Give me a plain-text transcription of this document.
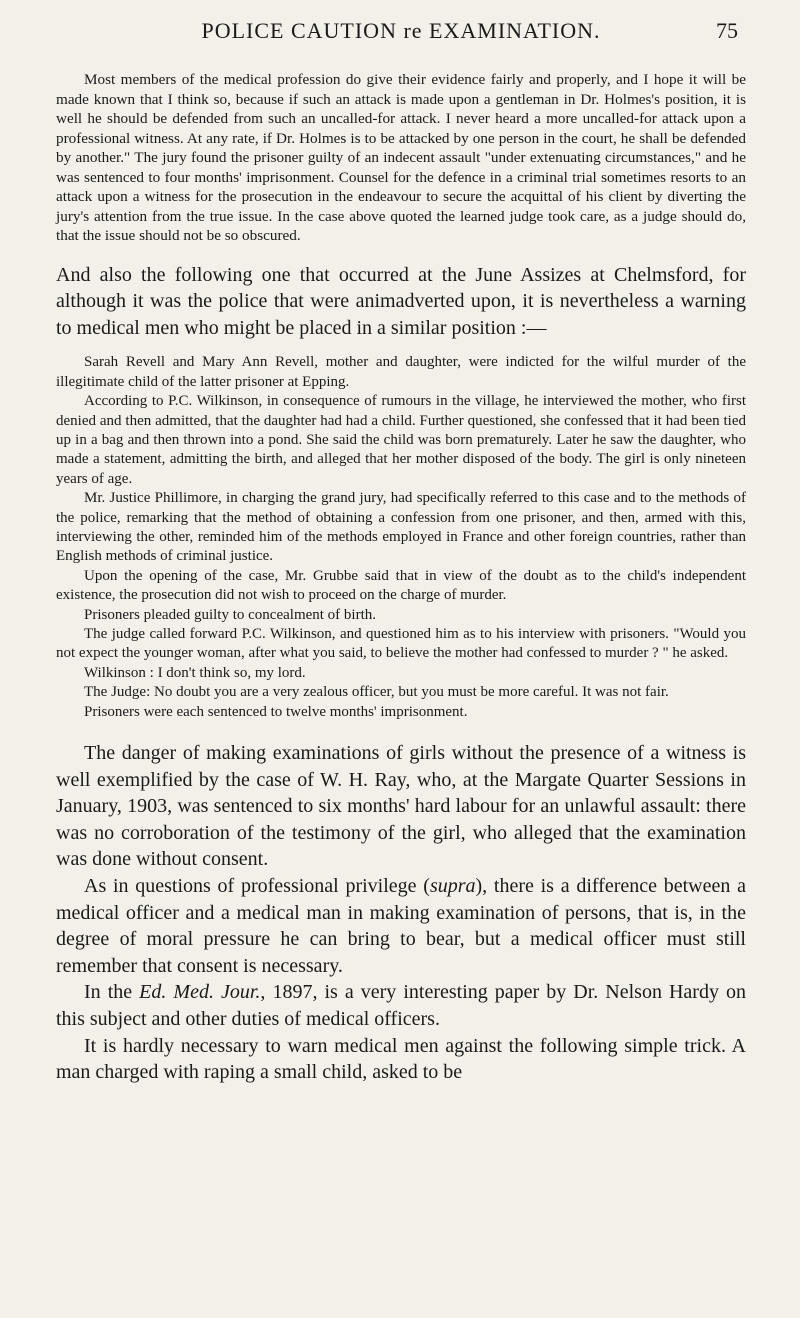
POLICE CAUTION re EXAMINATION.	75

Most members of the medical profession do give their evidence fairly and properly, and I hope it will be made known that I think so, because if such an attack is made upon a gentleman in Dr. Holmes's position, it is well he should be defended from such an uncalled-for attack. I never heard a more uncalled-for attack upon a professional witness. At any rate, if Dr. Holmes is to be attacked by one person in the court, he shall be defended by another." The jury found the prisoner guilty of an indecent assault "under extenuating circumstances," and he was sentenced to four months' imprisonment. Counsel for the defence in a criminal trial sometimes resorts to an attack upon a witness for the prosecution in the endeavour to secure the acquittal of his client by diverting the jury's attention from the true issue. In the case above quoted the learned judge took care, as a judge should do, that the issue should not be so obscured.

And also the following one that occurred at the June Assizes at Chelmsford, for although it was the police that were animadverted upon, it is nevertheless a warning to medical men who might be placed in a similar position :—

Sarah Revell and Mary Ann Revell, mother and daughter, were indicted for the wilful murder of the illegitimate child of the latter prisoner at Epping.

According to P.C. Wilkinson, in consequence of rumours in the village, he interviewed the mother, who first denied and then admitted, that the daughter had had a child. Further questioned, she confessed that it had been tied up in a bag and then thrown into a pond. She said the child was born prematurely. Later he saw the daughter, who made a statement, admitting the birth, and alleged that her mother disposed of the body. The girl is only nineteen years of age.

Mr. Justice Phillimore, in charging the grand jury, had specifically referred to this case and to the methods of the police, remarking that the method of obtaining a confession from one prisoner, and then, armed with this, interviewing the other, reminded him of the methods employed in France and other foreign countries, rather than English methods of criminal justice.

Upon the opening of the case, Mr. Grubbe said that in view of the doubt as to the child's independent existence, the prosecution did not wish to proceed on the charge of murder.

Prisoners pleaded guilty to concealment of birth.

The judge called forward P.C. Wilkinson, and questioned him as to his interview with prisoners. "Would you not expect the younger woman, after what you said, to believe the mother had confessed to murder ? " he asked.

Wilkinson : I don't think so, my lord.

The Judge: No doubt you are a very zealous officer, but you must be more careful. It was not fair.

Prisoners were each sentenced to twelve months' imprisonment.

The danger of making examinations of girls without the presence of a witness is well exemplified by the case of W. H. Ray, who, at the Margate Quarter Sessions in January, 1903, was sentenced to six months' hard labour for an unlawful assault: there was no corroboration of the testimony of the girl, who alleged that the examination was done without consent.

As in questions of professional privilege (supra), there is a difference between a medical officer and a medical man in making examination of persons, that is, in the degree of moral pressure he can bring to bear, but a medical officer must still remember that consent is necessary.

In the Ed. Med. Jour., 1897, is a very interesting paper by Dr. Nelson Hardy on this subject and other duties of medical officers.

It is hardly necessary to warn medical men against the following simple trick. A man charged with raping a small child, asked to be
